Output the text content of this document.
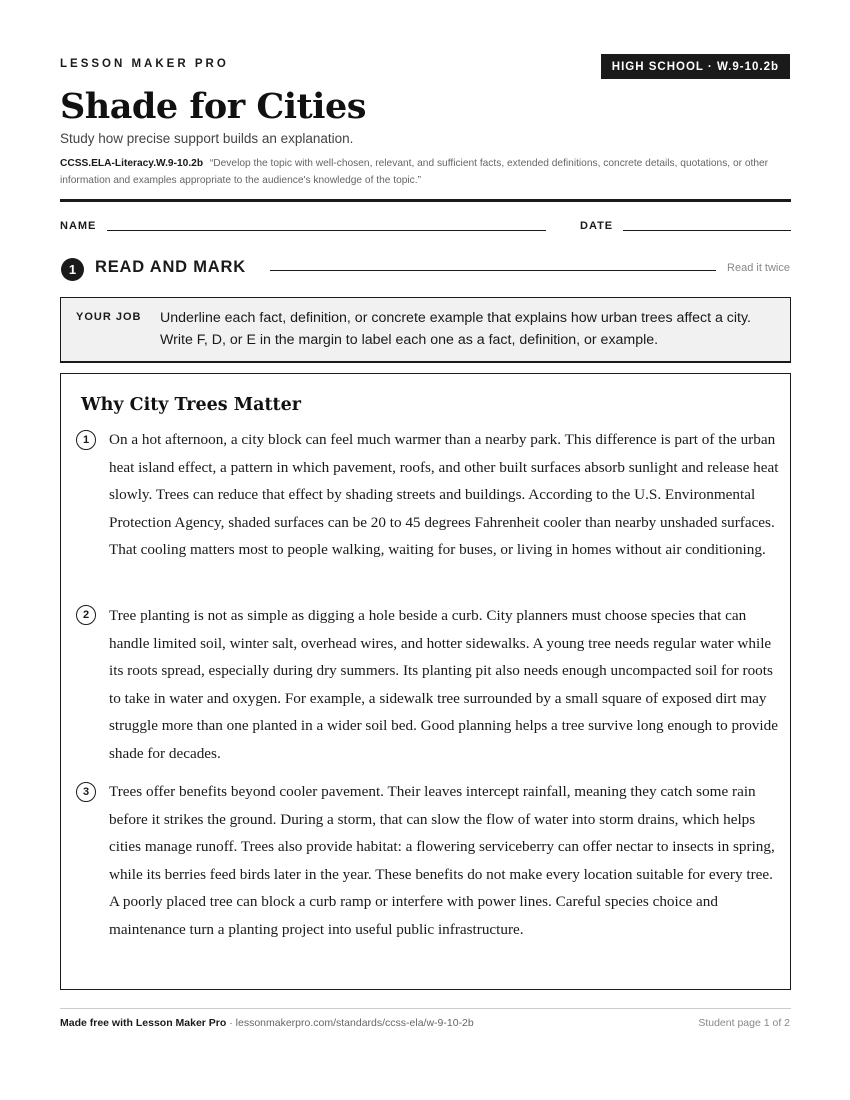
LESSON MAKER PRO	HIGH SCHOOL · W.9-10.2b
Shade for Cities
Study how precise support builds an explanation.
CCSS.ELA-Literacy.W.9-10.2b “Develop the topic with well-chosen, relevant, and sufficient facts, extended definitions, concrete details, quotations, or other information and examples appropriate to the audience's knowledge of the topic.”
NAME	DATE
1 READ AND MARK	Read it twice
YOUR JOB Underline each fact, definition, or concrete example that explains how urban trees affect a city. Write F, D, or E in the margin to label each one as a fact, definition, or example.
Why City Trees Matter
1 On a hot afternoon, a city block can feel much warmer than a nearby park. This difference is part of the urban heat island effect, a pattern in which pavement, roofs, and other built surfaces absorb sunlight and release heat slowly. Trees can reduce that effect by shading streets and buildings. According to the U.S. Environmental Protection Agency, shaded surfaces can be 20 to 45 degrees Fahrenheit cooler than nearby unshaded surfaces. That cooling matters most to people walking, waiting for buses, or living in homes without air conditioning.

2 Tree planting is not as simple as digging a hole beside a curb. City planners must choose species that can handle limited soil, winter salt, overhead wires, and hotter sidewalks. A young tree needs regular water while its roots spread, especially during dry summers. Its planting pit also needs enough uncompacted soil for roots to take in water and oxygen. For example, a sidewalk tree surrounded by a small square of exposed dirt may struggle more than one planted in a wider soil bed. Good planning helps a tree survive long enough to provide shade for decades.

3 Trees offer benefits beyond cooler pavement. Their leaves intercept rainfall, meaning they catch some rain before it strikes the ground. During a storm, that can slow the flow of water into storm drains, which helps cities manage runoff. Trees also provide habitat: a flowering serviceberry can offer nectar to insects in spring, while its berries feed birds later in the year. These benefits do not make every location suitable for every tree. A poorly placed tree can block a curb ramp or interfere with power lines. Careful species choice and maintenance turn a planting project into useful public infrastructure.

Made free with Lesson Maker Pro · lessonmakerpro.com/standards/ccss-ela/w-9-10-2b	Student page 1 of 2
